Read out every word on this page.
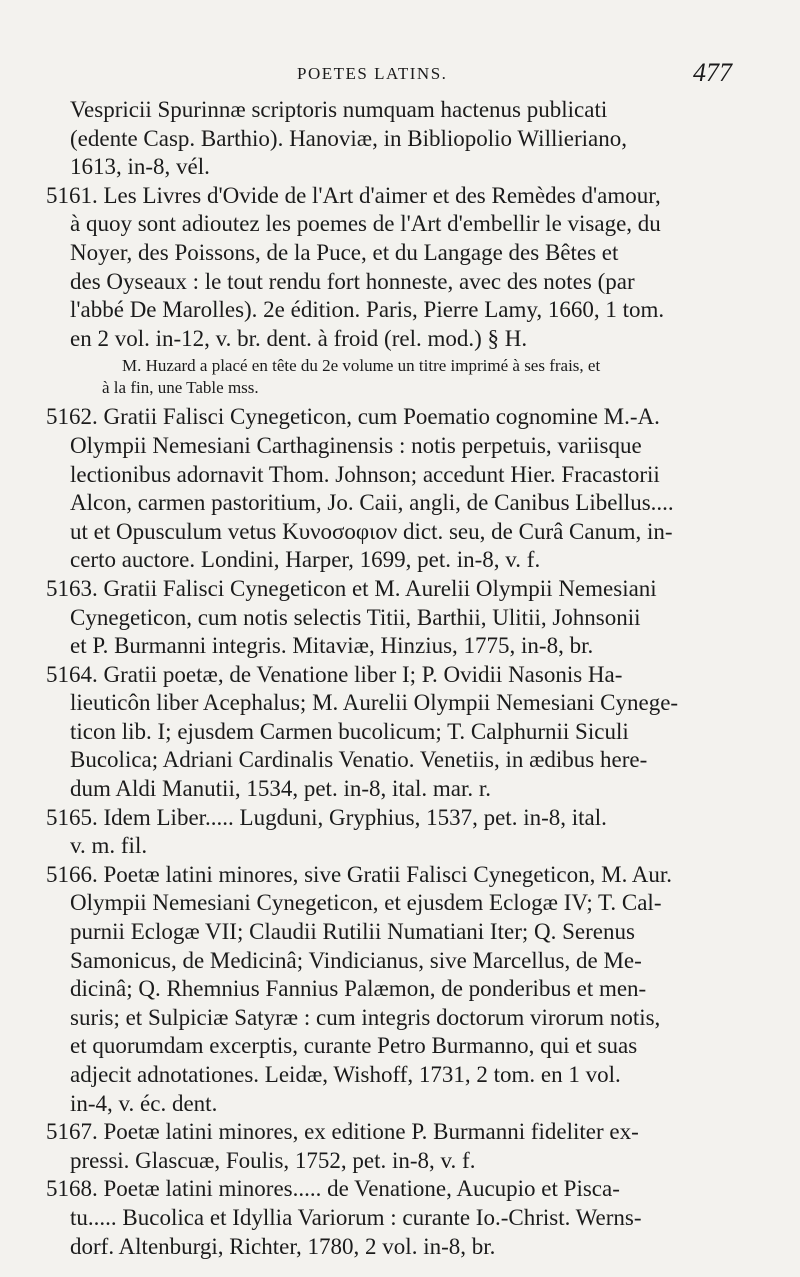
POETES LATINS.	477
Vespricii Spurinnæ scriptoris numquam hactenus publicati
(edente Casp. Barthio). Hanoviæ, in Bibliopolio Willieriano,
1613, in-8, vél.
5161. Les Livres d'Ovide de l'Art d'aimer et des Remèdes d'amour,
à quoy sont adioutez les poemes de l'Art d'embellir le visage, du
Noyer, des Poissons, de la Puce, et du Langage des Bêtes et
des Oyseaux : le tout rendu fort honneste, avec des notes (par
l'abbé De Marolles). 2e édition. Paris, Pierre Lamy, 1660, 1 tom.
en 2 vol. in-12, v. br. dent. à froid (rel. mod.) § H.
M. Huzard a placé en tête du 2e volume un titre imprimé à ses frais, et
à la fin, une Table mss.
5162. Gratii Falisci Cynegeticon, cum Poematio cognomine M.-A.
Olympii Nemesiani Carthaginensis : notis perpetuis, variisque
lectionibus adornavit Thom. Johnson; accedunt Hier. Fracastorii
Alcon, carmen pastoritium, Jo. Caii, angli, de Canibus Libellus....
ut et Opusculum vetus Κυνοσοφιον dict. seu, de Curâ Canum, in-
certo auctore. Londini, Harper, 1699, pet. in-8, v. f.
5163. Gratii Falisci Cynegeticon et M. Aurelii Olympii Nemesiani
Cynegeticon, cum notis selectis Titii, Barthii, Ulitii, Johnsonii
et P. Burmanni integris. Mitaviæ, Hinzius, 1775, in-8, br.
5164. Gratii poetæ, de Venatione liber I; P. Ovidii Nasonis Ha-
lieuticôn liber Acephalus; M. Aurelii Olympii Nemesiani Cynege-
ticon lib. I; ejusdem Carmen bucolicum; T. Calphurnii Siculi
Bucolica; Adriani Cardinalis Venatio. Venetiis, in ædibus here-
dum Aldi Manutii, 1534, pet. in-8, ital. mar. r.
5165. Idem Liber..... Lugduni, Gryphius, 1537, pet. in-8, ital.
v. m. fil.
5166. Poetæ latini minores, sive Gratii Falisci Cynegeticon, M. Aur.
Olympii Nemesiani Cynegeticon, et ejusdem Eclogæ IV; T. Cal-
purnii Eclogæ VII; Claudii Rutilii Numatiani Iter; Q. Serenus
Samonicus, de Medicinâ; Vindicianus, sive Marcellus, de Me-
dicinâ; Q. Rhemnius Fannius Palæmon, de ponderibus et men-
suris; et Sulpiciæ Satyræ : cum integris doctorum virorum notis,
et quorumdam excerptis, curante Petro Burmanno, qui et suas
adjecit adnotationes. Leidæ, Wishoff, 1731, 2 tom. en 1 vol.
in-4, v. éc. dent.
5167. Poetæ latini minores, ex editione P. Burmanni fideliter ex-
pressi. Glascuæ, Foulis, 1752, pet. in-8, v. f.
5168. Poetæ latini minores..... de Venatione, Aucupio et Pisca-
tu..... Bucolica et Idyllia Variorum : curante Io.-Christ. Werns-
dorf. Altenburgi, Richter, 1780, 2 vol. in-8, br.
